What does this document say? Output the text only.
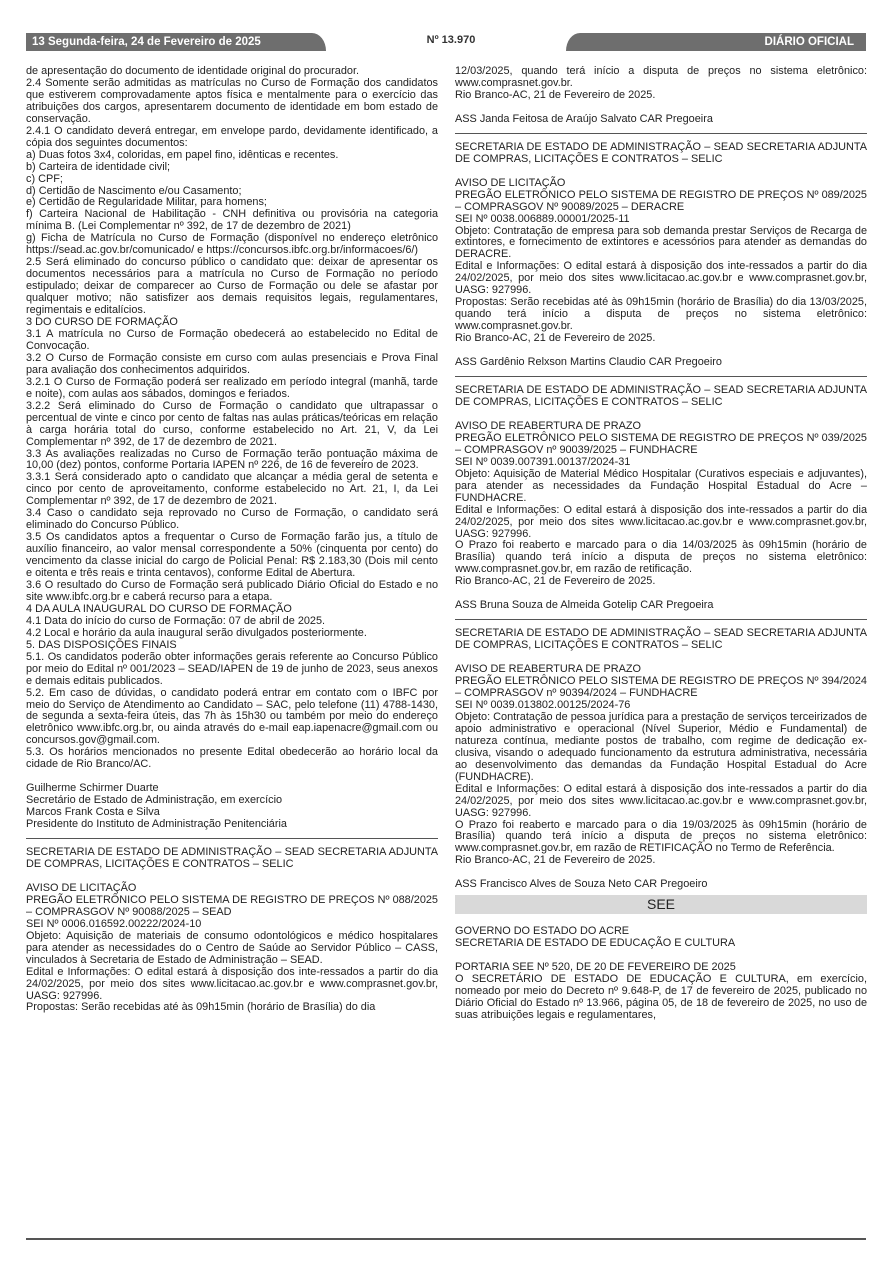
13 Segunda-feira, 24 de Fevereiro de 2025	Nº 13.970	DIÁRIO OFICIAL

de apresentação do documento de identidade original do procurador.

2.4 Somente serão admitidas as matrículas no Curso de Formação dos candidatos que estiverem comprovadamente aptos física e mentalmente para o exercício das atribuições dos cargos, apresentarem documento de identidade em bom estado de conservação.

2.4.1 O candidato deverá entregar, em envelope pardo, devidamente identificado, a cópia dos seguintes documentos:

a) Duas fotos 3x4, coloridas, em papel fino, idênticas e recentes.

b) Carteira de identidade civil;

c) CPF;

d) Certidão de Nascimento e/ou Casamento;

e) Certidão de Regularidade Militar, para homens;

f) Carteira Nacional de Habilitação - CNH definitiva ou provisória na categoria mínima B. (Lei Complementar nº 392, de 17 de dezembro de 2021)

g) Ficha de Matrícula no Curso de Formação (disponível no endereço eletrônico https://sead.ac.gov.br/comunicado/ e https://concursos.ibfc.org.br/informacoes/6/)

2.5 Será eliminado do concurso público o candidato que: deixar de apresentar os documentos necessários para a matrícula no Curso de Formação no período estipulado; deixar de comparecer ao Curso de Formação ou dele se afastar por qualquer motivo; não satisfizer aos demais requisitos legais, regulamentares, regimentais e editalícios.

3 DO CURSO DE FORMAÇÃO

3.1 A matrícula no Curso de Formação obedecerá ao estabelecido no Edital de Convocação.

3.2 O Curso de Formação consiste em curso com aulas presenciais e Prova Final para avaliação dos conhecimentos adquiridos.

3.2.1 O Curso de Formação poderá ser realizado em período integral (manhã, tarde e noite), com aulas aos sábados, domingos e feriados.

3.2.2 Será eliminado do Curso de Formação o candidato que ultrapassar o percentual de vinte e cinco por cento de faltas nas aulas práticas/teóricas em relação à carga horária total do curso, conforme estabelecido no Art. 21, V, da Lei Complementar nº 392, de 17 de dezembro de 2021.

3.3 As avaliações realizadas no Curso de Formação terão pontuação máxima de 10,00 (dez) pontos, conforme Portaria IAPEN nº 226, de 16 de fevereiro de 2023.

3.3.1 Será considerado apto o candidato que alcançar a média geral de setenta e cinco por cento de aproveitamento, conforme estabelecido no Art. 21, I, da Lei Complementar nº 392, de 17 de dezembro de 2021.

3.4 Caso o candidato seja reprovado no Curso de Formação, o candidato será eliminado do Concurso Público.

3.5 Os candidatos aptos a frequentar o Curso de Formação farão jus, a título de auxílio financeiro, ao valor mensal correspondente a 50% (cinquenta por cento) do vencimento da classe inicial do cargo de Policial Penal: R$ 2.183,30 (Dois mil cento e oitenta e três reais e trinta centavos), conforme Edital de Abertura.

3.6 O resultado do Curso de Formação será publicado Diário Oficial do Estado e no site www.ibfc.org.br e caberá recurso para a etapa.

4 DA AULA INAUGURAL DO CURSO DE FORMAÇÃO

4.1 Data do início do curso de Formação: 07 de abril de 2025.

4.2 Local e horário da aula inaugural serão divulgados posteriormente.

5. DAS DISPOSIÇÕES FINAIS

5.1. Os candidatos poderão obter informações gerais referente ao Concurso Público por meio do Edital nº 001/2023 – SEAD/IAPEN de 19 de junho de 2023, seus anexos e demais editais publicados.

5.2. Em caso de dúvidas, o candidato poderá entrar em contato com o IBFC por meio do Serviço de Atendimento ao Candidato – SAC, pelo telefone (11) 4788-1430, de segunda a sexta-feira úteis, das 7h às 15h30 ou também por meio do endereço eletrônico www.ibfc.org.br, ou ainda através do e-mail eap.iapenacre@gmail.com ou concursos.gov@gmail.com.

5.3. Os horários mencionados no presente Edital obedecerão ao horário local da cidade de Rio Branco/AC.

Guilherme Schirmer Duarte

Secretário de Estado de Administração, em exercício

Marcos Frank Costa e Silva

Presidente do Instituto de Administração Penitenciária

SECRETARIA DE ESTADO DE ADMINISTRAÇÃO – SEAD SECRETARIA ADJUNTA DE COMPRAS, LICITAÇÕES E CONTRATOS – SELIC

AVISO DE LICITAÇÃO

PREGÃO ELETRÔNICO PELO SISTEMA DE REGISTRO DE PREÇOS Nº 088/2025 – COMPRASGOV Nº 90088/2025 – SEAD

SEI Nº 0006.016592.00222/2024-10

Objeto: Aquisição de materiais de consumo odontológicos e médico hospitalares para atender as necessidades do o Centro de Saúde ao Servidor Público – CASS, vinculados à Secretaria de Estado de Administração – SEAD.

Edital e Informações: O edital estará à disposição dos inte-ressados a partir do dia 24/02/2025, por meio dos sites www.licitacao.ac.gov.br e www.comprasnet.gov.br, UASG: 927996.

Propostas: Serão recebidas até às 09h15min (horário de Brasília) do dia

12/03/2025, quando terá início a disputa de preços no sistema eletrônico: www.comprasnet.gov.br.

Rio Branco-AC, 21 de Fevereiro de 2025.

ASS Janda Feitosa de Araújo Salvato CAR Pregoeira

SECRETARIA DE ESTADO DE ADMINISTRAÇÃO – SEAD SECRETARIA ADJUNTA DE COMPRAS, LICITAÇÕES E CONTRATOS – SELIC

AVISO DE LICITAÇÃO

PREGÃO ELETRÔNICO PELO SISTEMA DE REGISTRO DE PREÇOS Nº 089/2025 – COMPRASGOV Nº 90089/2025 – DERACRE

SEI Nº 0038.006889.00001/2025-11

Objeto: Contratação de empresa para sob demanda prestar Serviços de Recarga de extintores, e fornecimento de extintores e acessórios para atender as demandas do DERACRE.

Edital e Informações: O edital estará à disposição dos inte-ressados a partir do dia 24/02/2025, por meio dos sites www.licitacao.ac.gov.br e www.comprasnet.gov.br, UASG: 927996.

Propostas: Serão recebidas até às 09h15min (horário de Brasília) do dia 13/03/2025, quando terá início a disputa de preços no sistema eletrônico: www.comprasnet.gov.br.

Rio Branco-AC, 21 de Fevereiro de 2025.

ASS Gardênio Relxson Martins Claudio CAR Pregoeiro

SECRETARIA DE ESTADO DE ADMINISTRAÇÃO – SEAD SECRETARIA ADJUNTA DE COMPRAS, LICITAÇÕES E CONTRATOS – SELIC

AVISO DE REABERTURA DE PRAZO

PREGÃO ELETRÔNICO PELO SISTEMA DE REGISTRO DE PREÇOS Nº 039/2025 – COMPRASGOV nº 90039/2025 – FUNDHACRE

SEI Nº 0039.007391.00137/2024-31

Objeto: Aquisição de Material Médico Hospitalar (Curativos especiais e adjuvantes), para atender as necessidades da Fundação Hospital Estadual do Acre – FUNDHACRE.

Edital e Informações: O edital estará à disposição dos inte-ressados a partir do dia 24/02/2025, por meio dos sites www.licitacao.ac.gov.br e www.comprasnet.gov.br, UASG: 927996.

O Prazo foi reaberto e marcado para o dia 14/03/2025 às 09h15min (horário de Brasília) quando terá início a disputa de preços no sistema eletrônico: www.comprasnet.gov.br, em razão de retificação.

Rio Branco-AC, 21 de Fevereiro de 2025.

ASS Bruna Souza de Almeida Gotelip CAR Pregoeira

SECRETARIA DE ESTADO DE ADMINISTRAÇÃO – SEAD SECRETARIA ADJUNTA DE COMPRAS, LICITAÇÕES E CONTRATOS – SELIC

AVISO DE REABERTURA DE PRAZO

PREGÃO ELETRÔNICO PELO SISTEMA DE REGISTRO DE PREÇOS Nº 394/2024 – COMPRASGOV nº 90394/2024 – FUNDHACRE

SEI Nº 0039.013802.00125/2024-76

Objeto: Contratação de pessoa jurídica para a prestação de serviços terceirizados de apoio administrativo e operacional (Nível Superior, Médio e Fundamental) de natureza contínua, mediante postos de trabalho, com regime de dedicação ex-clusiva, visando o adequado funcionamento da estrutura administrativa, necessária ao desenvolvimento das demandas da Fundação Hospital Estadual do Acre (FUNDHACRE).

Edital e Informações: O edital estará à disposição dos inte-ressados a partir do dia 24/02/2025, por meio dos sites www.licitacao.ac.gov.br e www.comprasnet.gov.br, UASG: 927996.

O Prazo foi reaberto e marcado para o dia 19/03/2025 às 09h15min (horário de Brasília) quando terá início a disputa de preços no sistema eletrônico: www.comprasnet.gov.br, em razão de RETIFICAÇÃO no Termo de Referência.

Rio Branco-AC, 21 de Fevereiro de 2025.

ASS Francisco Alves de Souza Neto CAR Pregoeiro

SEE

GOVERNO DO ESTADO DO ACRE

SECRETARIA DE ESTADO DE EDUCAÇÃO E CULTURA

PORTARIA SEE Nº 520, DE 20 DE FEVEREIRO DE 2025

O SECRETÁRIO DE ESTADO DE EDUCAÇÃO E CULTURA, em exercício, nomeado por meio do Decreto nº 9.648-P, de 17 de fevereiro de 2025, publicado no Diário Oficial do Estado nº 13.966, página 05, de 18 de fevereiro de 2025, no uso de suas atribuições legais e regulamentares,
